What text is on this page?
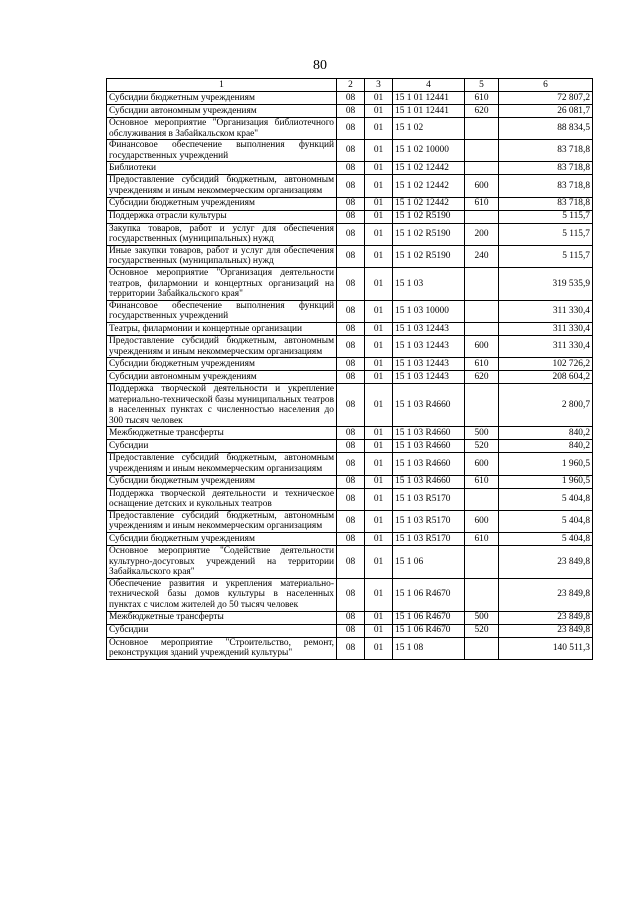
80
1	2	3	4	5	6
Субсидии бюджетным учреждениям	08	01	15 1 01 12441	610	72 807,2
Субсидии автономным учреждениям	08	01	15 1 01 12441	620	26 081,7
Основное мероприятие "Организация библиотечного обслуживания в Забайкальском крае"	08	01	15 1 02		88 834,5
Финансовое обеспечение выполнения функций государственных учреждений	08	01	15 1 02 10000		83 718,8
Библиотеки	08	01	15 1 02 12442		83 718,8
Предоставление субсидий бюджетным, автономным учреждениям и иным некоммерческим организациям	08	01	15 1 02 12442	600	83 718,8
Субсидии бюджетным учреждениям	08	01	15 1 02 12442	610	83 718,8
Поддержка отрасли культуры	08	01	15 1 02 R5190		5 115,7
Закупка товаров, работ и услуг для обеспечения государственных (муниципальных) нужд	08	01	15 1 02 R5190	200	5 115,7
Иные закупки товаров, работ и услуг для обеспечения государственных (муниципальных) нужд	08	01	15 1 02 R5190	240	5 115,7
Основное мероприятие "Организация деятельности театров, филармонии и концертных организаций на территории Забайкальского края"	08	01	15 1 03		319 535,9
Финансовое обеспечение выполнения функций государственных учреждений	08	01	15 1 03 10000		311 330,4
Театры, филармонии и концертные организации	08	01	15 1 03 12443		311 330,4
Предоставление субсидий бюджетным, автономным учреждениям и иным некоммерческим организациям	08	01	15 1 03 12443	600	311 330,4
Субсидии бюджетным учреждениям	08	01	15 1 03 12443	610	102 726,2
Субсидии автономным учреждениям	08	01	15 1 03 12443	620	208 604,2
Поддержка творческой деятельности и укрепление материально-технической базы муниципальных театров в населенных пунктах с численностью населения до 300 тысяч человек	08	01	15 1 03 R4660		2 800,7
Межбюджетные трансферты	08	01	15 1 03 R4660	500	840,2
Субсидии	08	01	15 1 03 R4660	520	840,2
Предоставление субсидий бюджетным, автономным учреждениям и иным некоммерческим организациям	08	01	15 1 03 R4660	600	1 960,5
Субсидии бюджетным учреждениям	08	01	15 1 03 R4660	610	1 960,5
Поддержка творческой деятельности и техническое оснащение детских и кукольных театров	08	01	15 1 03 R5170		5 404,8
Предоставление субсидий бюджетным, автономным учреждениям и иным некоммерческим организациям	08	01	15 1 03 R5170	600	5 404,8
Субсидии бюджетным учреждениям	08	01	15 1 03 R5170	610	5 404,8
Основное мероприятие "Содействие деятельности культурно-досуговых учреждений на территории Забайкальского края"	08	01	15 1 06		23 849,8
Обеспечение развития и укрепления материально-технической базы домов культуры в населенных пунктах с числом жителей до 50 тысяч человек	08	01	15 1 06 R4670		23 849,8
Межбюджетные трансферты	08	01	15 1 06 R4670	500	23 849,8
Субсидии	08	01	15 1 06 R4670	520	23 849,8
Основное мероприятие "Строительство, ремонт, реконструкция зданий учреждений культуры"	08	01	15 1 08		140 511,3
